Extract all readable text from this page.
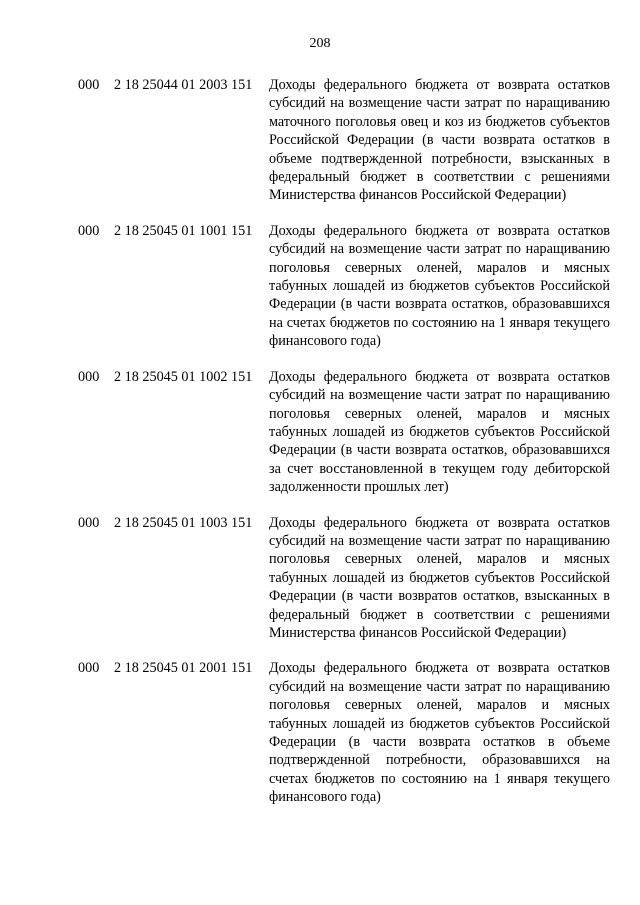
208
000	2 18 25044 01 2003 151	Доходы федерального бюджета от возврата остатков субсидий на возмещение части затрат по наращиванию маточного поголовья овец и коз из бюджетов субъектов Российской Федерации (в части возврата остатков в объеме подтвержденной потребности, взысканных в федеральный бюджет в соответствии с решениями Министерства финансов Российской Федерации)
000	2 18 25045 01 1001 151	Доходы федерального бюджета от возврата остатков субсидий на возмещение части затрат по наращиванию поголовья северных оленей, маралов и мясных табунных лошадей из бюджетов субъектов Российской Федерации (в части возврата остатков, образовавшихся на счетах бюджетов по состоянию на 1 января текущего финансового года)
000	2 18 25045 01 1002 151	Доходы федерального бюджета от возврата остатков субсидий на возмещение части затрат по наращиванию поголовья северных оленей, маралов и мясных табунных лошадей из бюджетов субъектов Российской Федерации (в части возврата остатков, образовавшихся за счет восстановленной в текущем году дебиторской задолженности прошлых лет)
000	2 18 25045 01 1003 151	Доходы федерального бюджета от возврата остатков субсидий на возмещение части затрат по наращиванию поголовья северных оленей, маралов и мясных табунных лошадей из бюджетов субъектов Российской Федерации (в части возвратов остатков, взысканных в федеральный бюджет в соответствии с решениями Министерства финансов Российской Федерации)
000	2 18 25045 01 2001 151	Доходы федерального бюджета от возврата остатков субсидий на возмещение части затрат по наращиванию поголовья северных оленей, маралов и мясных табунных лошадей из бюджетов субъектов Российской Федерации (в части возврата остатков в объеме подтвержденной потребности, образовавшихся на счетах бюджетов по состоянию на 1 января текущего финансового года)
